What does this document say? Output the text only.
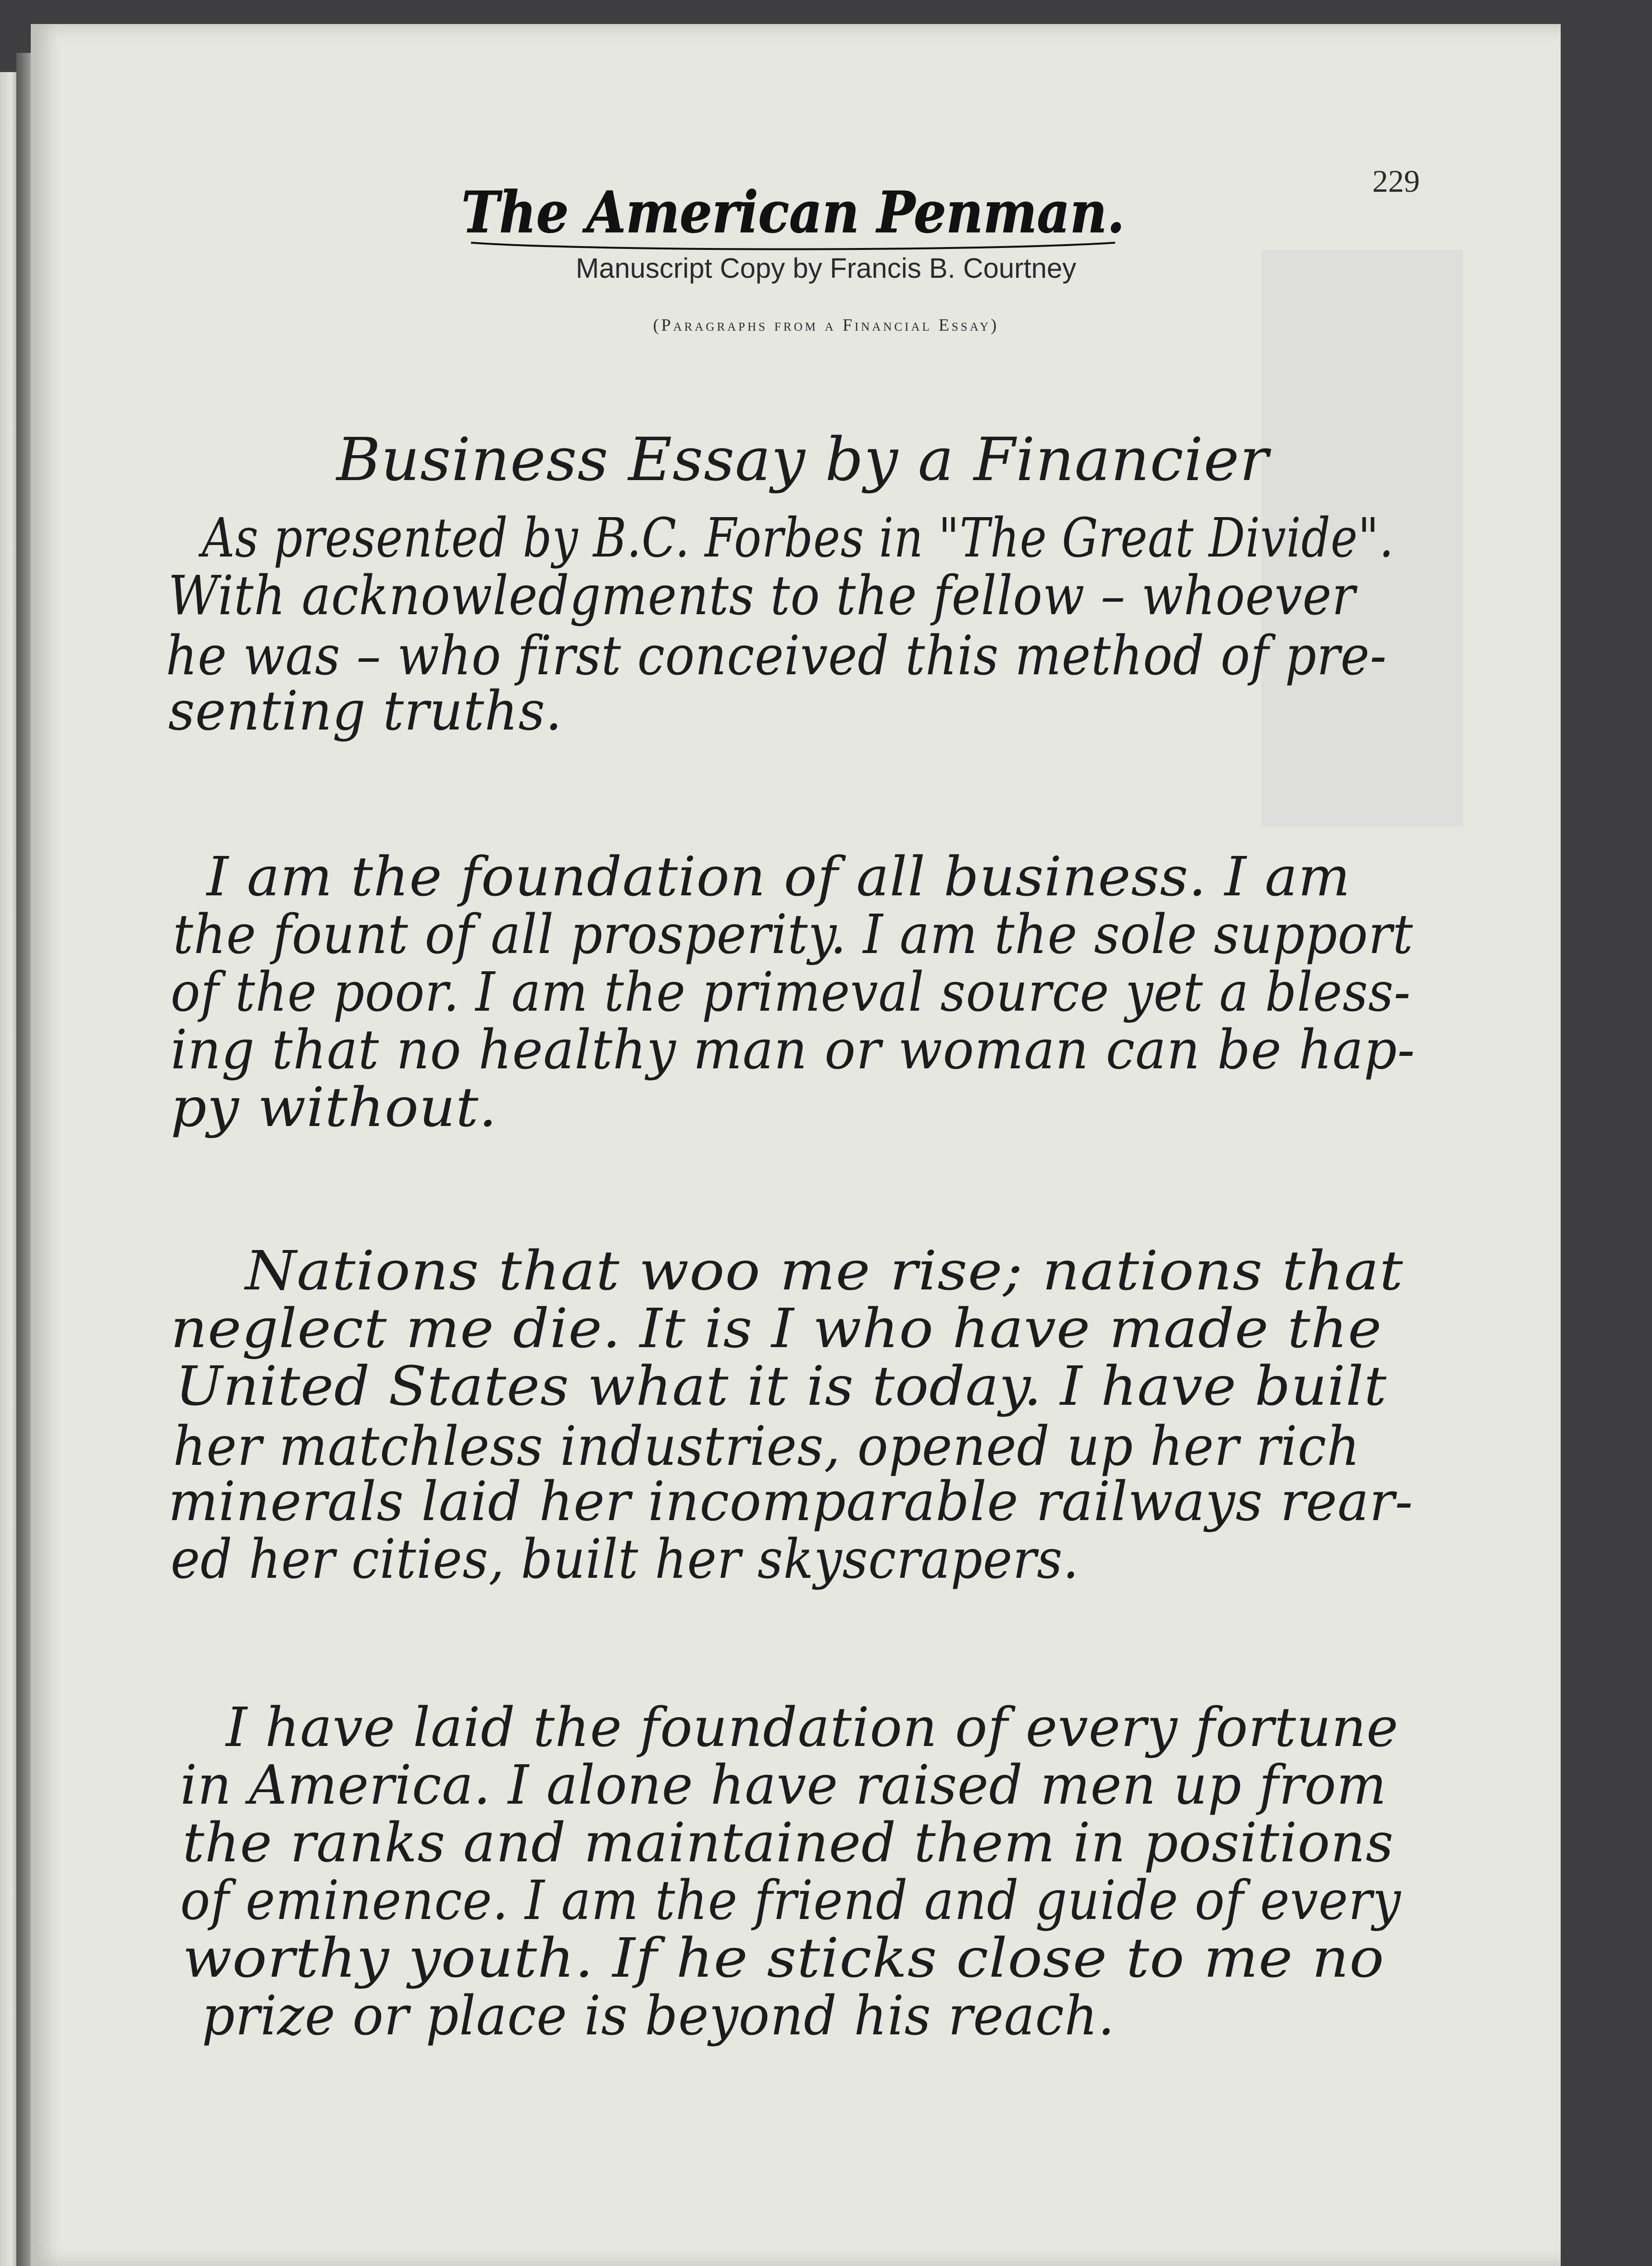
229
The American Penman.
Manuscript Copy by Francis B. Courtney
(Paragraphs from a Financial Essay)
Business Essay by a Financier
As presented by B.C. Forbes in "The Great Divide".
With acknowledgments to the fellow – whoever
he was – who first conceived this method of pre-
senting truths.
I am the foundation of all business. I am
the fount of all prosperity. I am the sole support
of the poor. I am the primeval source yet a bless-
ing that no healthy man or woman can be hap-
py without.
Nations that woo me rise; nations that
neglect me die. It is I who have made the
United States what it is today. I have built
her matchless industries, opened up her rich
minerals laid her incomparable railways rear-
ed her cities, built her skyscrapers.
I have laid the foundation of every fortune
in America. I alone have raised men up from
the ranks and maintained them in positions
of eminence. I am the friend and guide of every
worthy youth. If he sticks close to me no
prize or place is beyond his reach.
